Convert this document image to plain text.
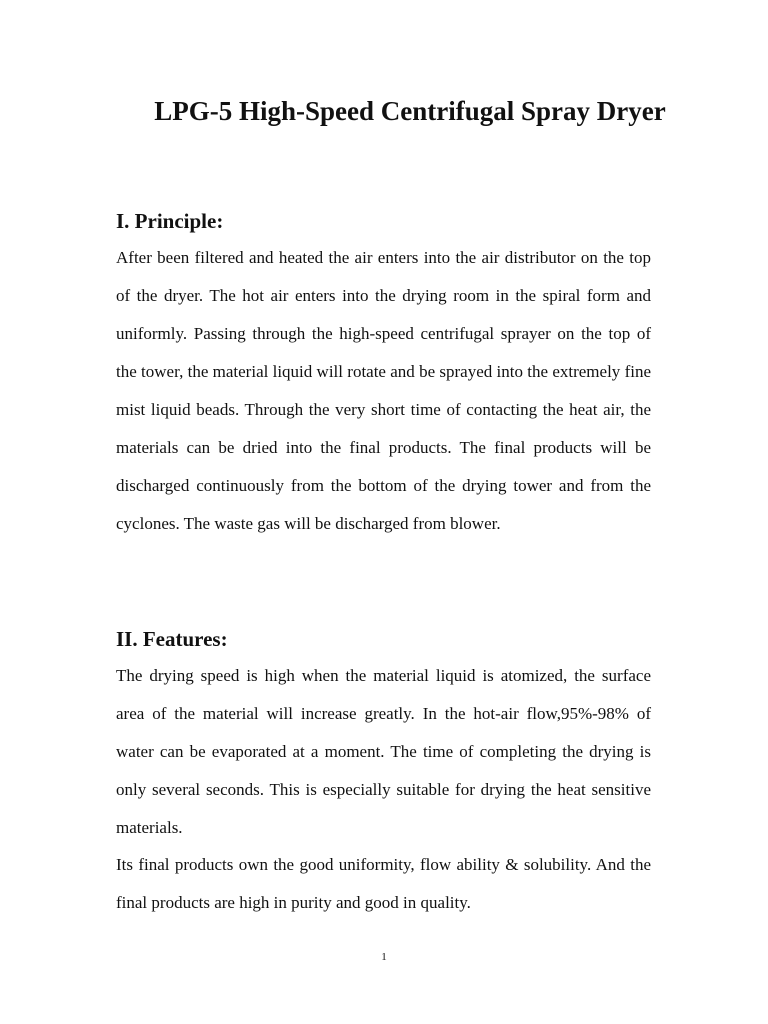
LPG-5 High-Speed Centrifugal Spray Dryer
I. Principle:

After been filtered and heated the air enters into the air distributor on the top of the dryer. The hot air enters into the drying room in the spiral form and uniformly. Passing through the high-speed centrifugal sprayer on the top of the tower, the material liquid will rotate and be sprayed into the extremely fine mist liquid beads. Through the very short time of contacting the heat air, the materials can be dried into the final products. The final products will be discharged continuously from the bottom of the drying tower and from the cyclones. The waste gas will be discharged from blower.

II. Features:

The drying speed is high when the material liquid is atomized, the surface area of the material will increase greatly. In the hot-air flow,95%-98% of water can be evaporated at a moment. The time of completing the drying is only several seconds. This is especially suitable for drying the heat sensitive materials.

Its final products own the good uniformity, flow ability & solubility. And the final products are high in purity and good in quality.

1
